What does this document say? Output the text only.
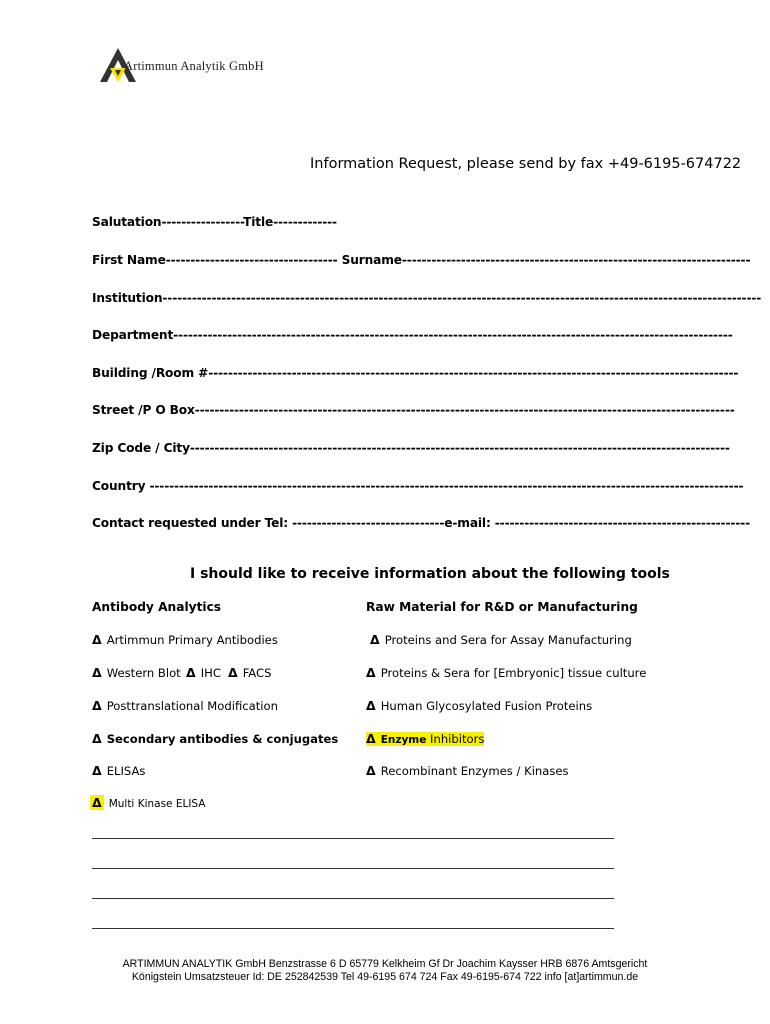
Artimmun Analytik GmbH
Information Request, please send by fax +49-6195-674722
Salutation-----------------Title-------------
First Name----------------------------------- Surname-----------------------------------------------------------------------
Institution--------------------------------------------------------------------------------------------------------------------------
Department------------------------------------------------------------------------------------------------------------------
Building /Room #------------------------------------------------------------------------------------------------------------
Street /P O Box--------------------------------------------------------------------------------------------------------------
Zip Code / City--------------------------------------------------------------------------------------------------------------
Country -------------------------------------------------------------------------------------------------------------------------
Contact requested under Tel: -------------------------------e-mail: ----------------------------------------------------
I should like to receive information about the following tools
Antibody Analytics	Raw Material for R&D or Manufacturing
Δ Artimmun Primary Antibodies
Δ Western Blot Δ IHC Δ FACS
Δ Posttranslational Modification
Δ Secondary antibodies & conjugates
Δ ELISAs
Δ Multi Kinase ELISA
Δ Proteins and Sera for Assay Manufacturing
Δ Proteins & Sera for [Embryonic] tissue culture
Δ Human Glycosylated Fusion Proteins
Δ Enzyme Inhibitors
Δ Recombinant Enzymes / Kinases
ARTIMMUN ANALYTIK GmbH Benzstrasse 6 D 65779 Kelkheim Gf Dr Joachim Kaysser HRB 6876 Amtsgericht
Königstein Umsatzsteuer Id: DE 252842539 Tel 49-6195 674 724 Fax 49-6195-674 722 info [at]artimmun.de
